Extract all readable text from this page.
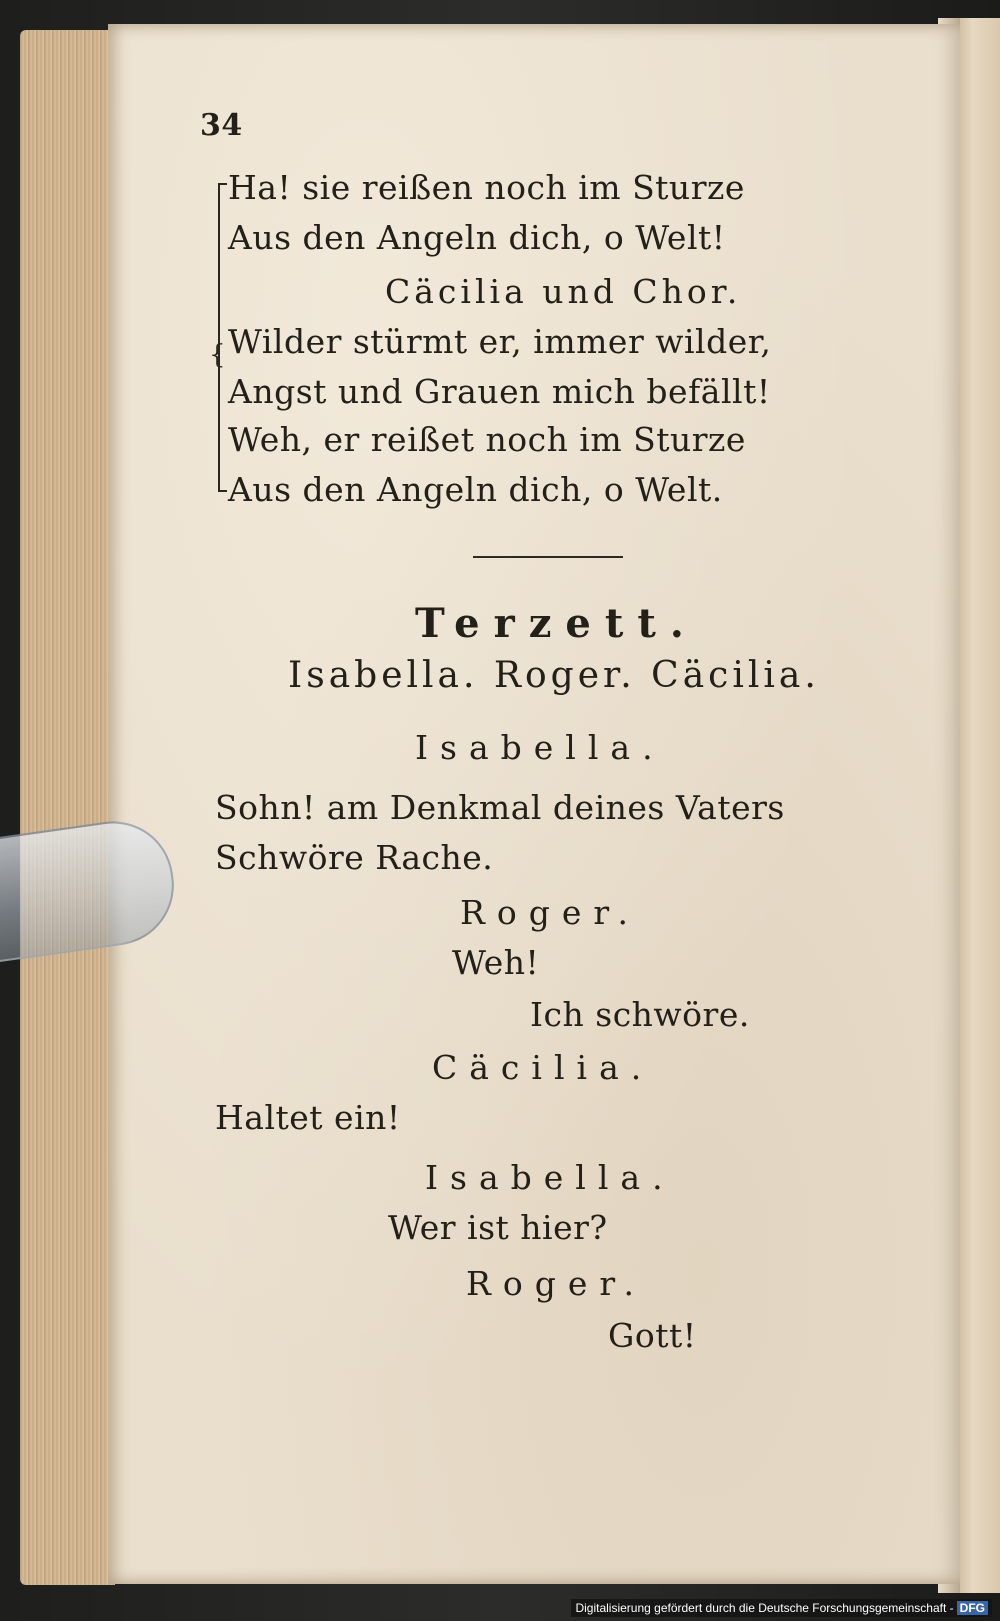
34
{
Ha! sie reißen noch im Sturze
Aus den Angeln dich, o Welt!
Cäcilia und Chor.
Wilder stürmt er, immer wilder,
Angst und Grauen mich befällt!
Weh, er reißet noch im Sturze
Aus den Angeln dich, o Welt.
Terzett.
Isabella. Roger. Cäcilia.
Isabella.
Sohn! am Denkmal deines Vaters
Schwöre Rache.
Roger.
Weh!
Ich schwöre.
Cäcilia.
Haltet ein!
Isabella.
Wer ist hier?
Roger.
Gott!
Digitalisierung gefördert durch die Deutsche Forschungsgemeinschaft - DFG
